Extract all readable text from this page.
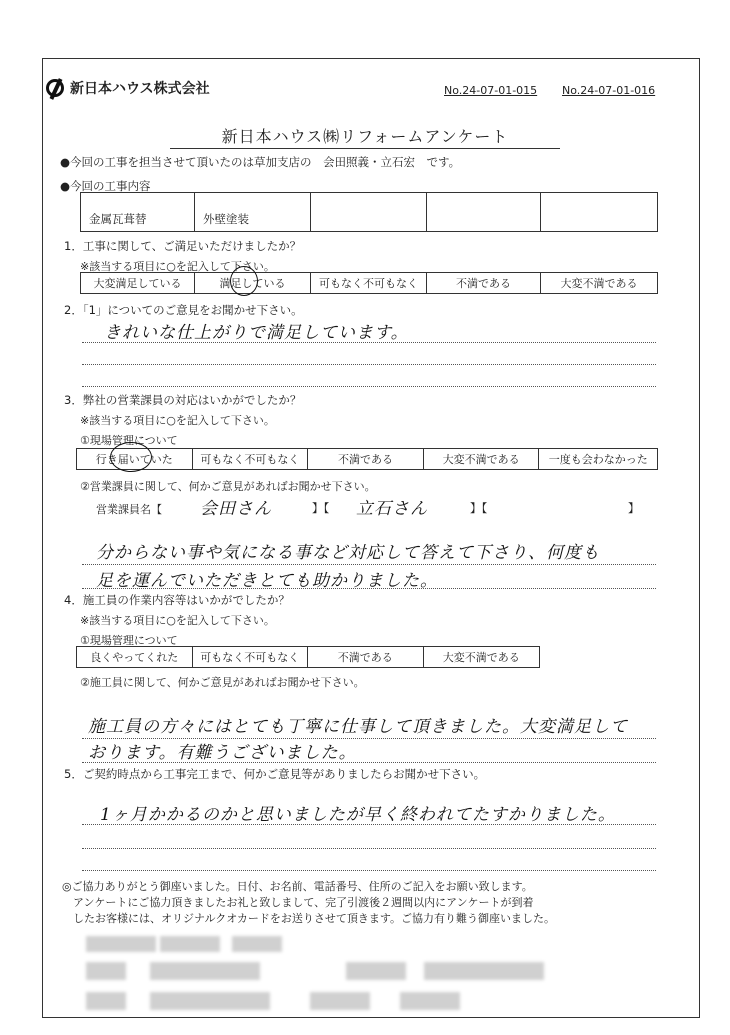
新日本ハウス株式会社	No.24-07-01-015 No.24-07-01-016
新日本ハウス㈱リフォームアンケート
●今回の工事を担当させて頂いたのは草加支店の　会田照義・立石宏　です。
●今回の工事内容
金属瓦葺替	外壁塗装
1．工事に関して、ご満足いただけましたか？
※該当する項目に○を記入して下さい。
大変満足している	満足している	可もなく不可もなく	不満である	大変不満である
2．「1」についてのご意見をお聞かせ下さい。
きれいな仕上がりで満足しています。
3．弊社の営業課員の対応はいかがでしたか？
※該当する項目に○を記入して下さい。
①現場管理について
行き届いていた	可もなく不可もなく	不満である	大変不満である	一度も会わなかった
②営業課員に関して、何かご意見があればお聞かせ下さい。
営業課員名【 会田さん	】【 立石さん	】【	】
分からない事や気になる事など対応して答えて下さり、何度も
足を運んでいただきとても助かりました。
4．施工員の作業内容等はいかがでしたか？
※該当する項目に○を記入して下さい。
①現場管理について
良くやってくれた	可もなく不可もなく	不満である	大変不満である
②施工員に関して、何かご意見があればお聞かせ下さい。
施工員の方々にはとても丁寧に仕事して頂きました。大変満足して
おります。有難うございました。
5．ご契約時点から工事完工まで、何かご意見等がありましたらお聞かせ下さい。
1ヶ月かかるのかと思いましたが早く終われてたすかりました。
◎ご協力ありがとう御座いました。日付、お名前、電話番号、住所のご記入をお願い致します。
　アンケートにご協力頂きましたお礼と致しまして、完了引渡後２週間以内にアンケートが到着
　したお客様には、オリジナルクオカードをお送りさせて頂きます。ご協力有り難う御座いました。
